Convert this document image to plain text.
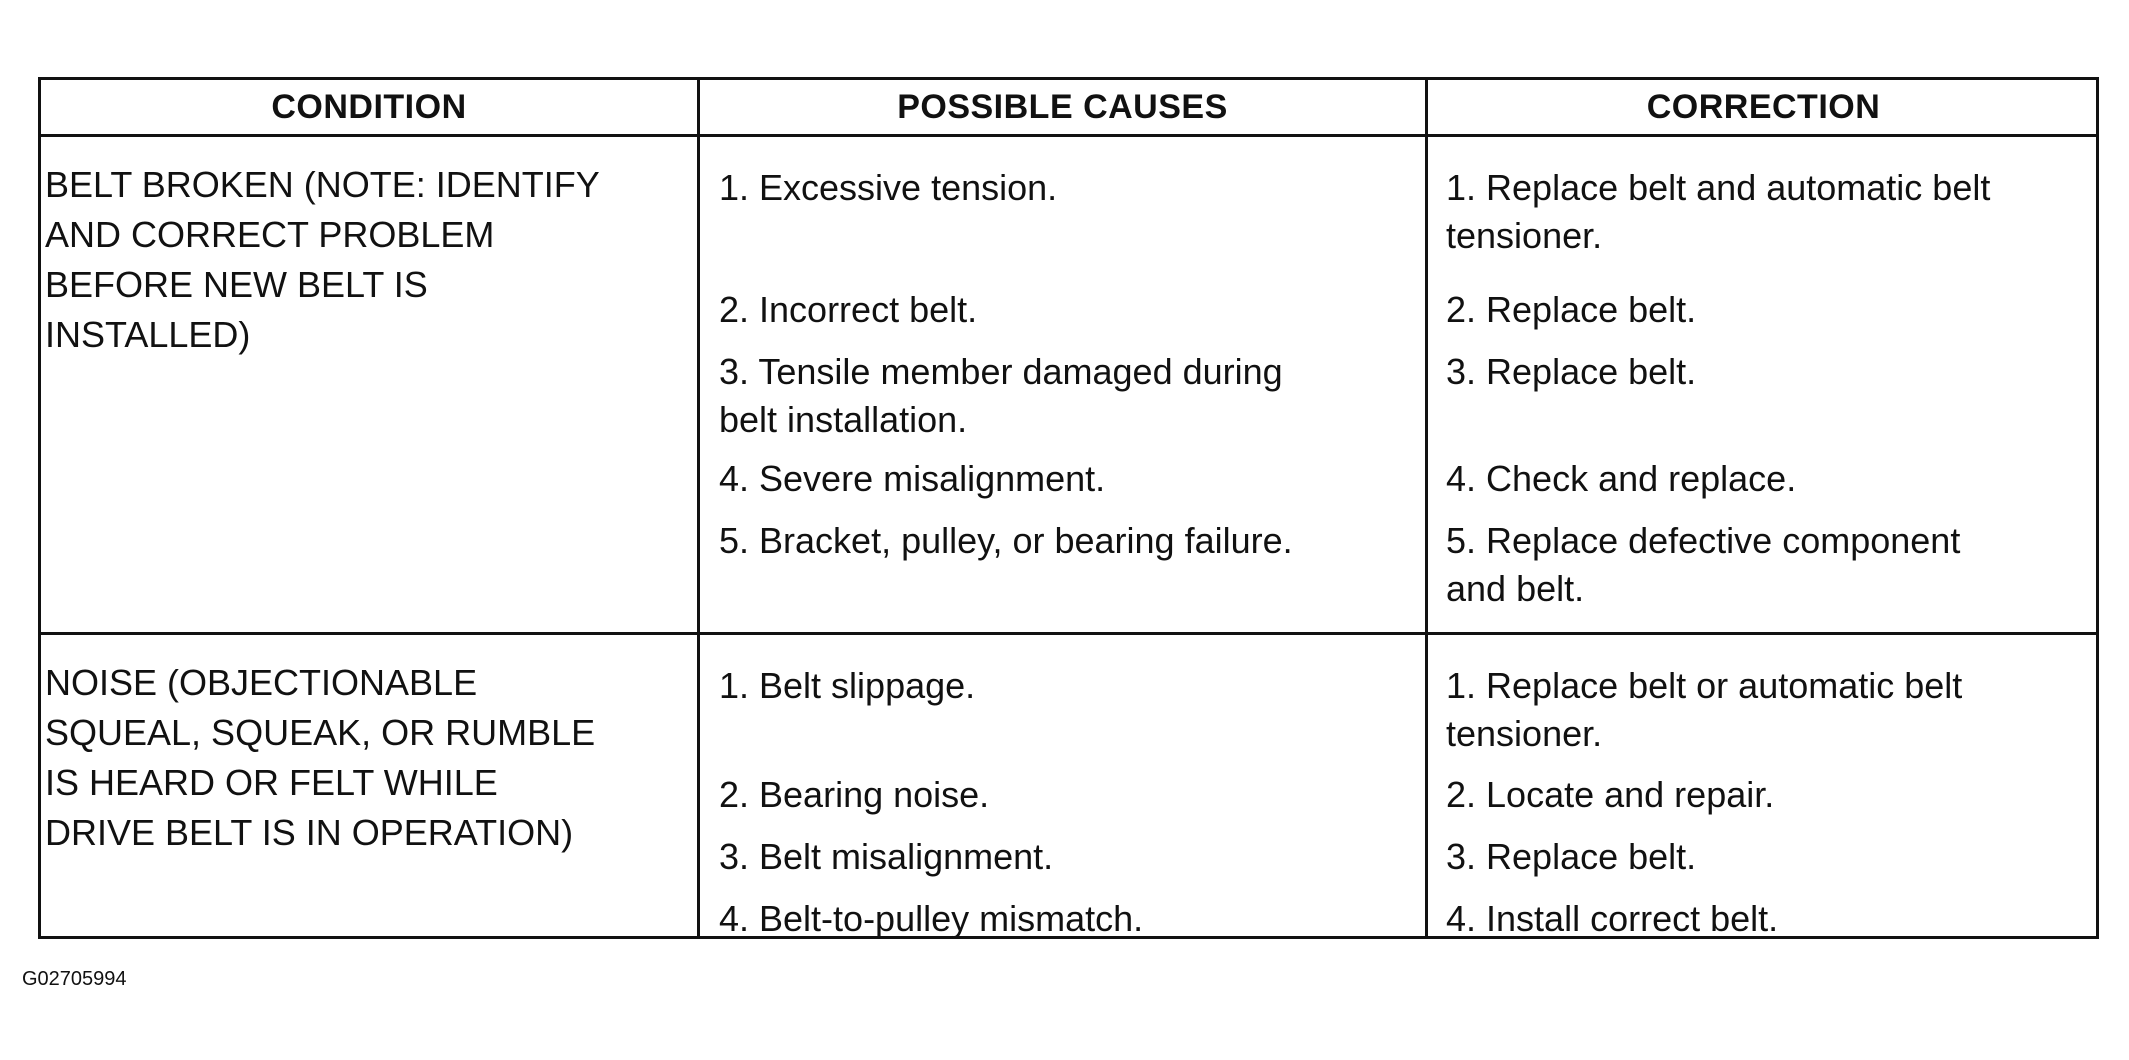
CONDITION	POSSIBLE CAUSES	CORRECTION
BELT BROKEN (NOTE: IDENTIFY
AND CORRECT PROBLEM
BEFORE NEW BELT IS
INSTALLED)
1. Excessive tension.
2. Incorrect belt.
3. Tensile member damaged during
belt installation.
4. Severe misalignment.
5. Bracket, pulley, or bearing failure.
1. Replace belt and automatic belt
tensioner.
2. Replace belt.
3. Replace belt.
4. Check and replace.
5. Replace defective component
and belt.
NOISE (OBJECTIONABLE
SQUEAL, SQUEAK, OR RUMBLE
IS HEARD OR FELT WHILE
DRIVE BELT IS IN OPERATION)
1. Belt slippage.
2. Bearing noise.
3. Belt misalignment.
4. Belt-to-pulley mismatch.
1. Replace belt or automatic belt
tensioner.
2. Locate and repair.
3. Replace belt.
4. Install correct belt.
G02705994
